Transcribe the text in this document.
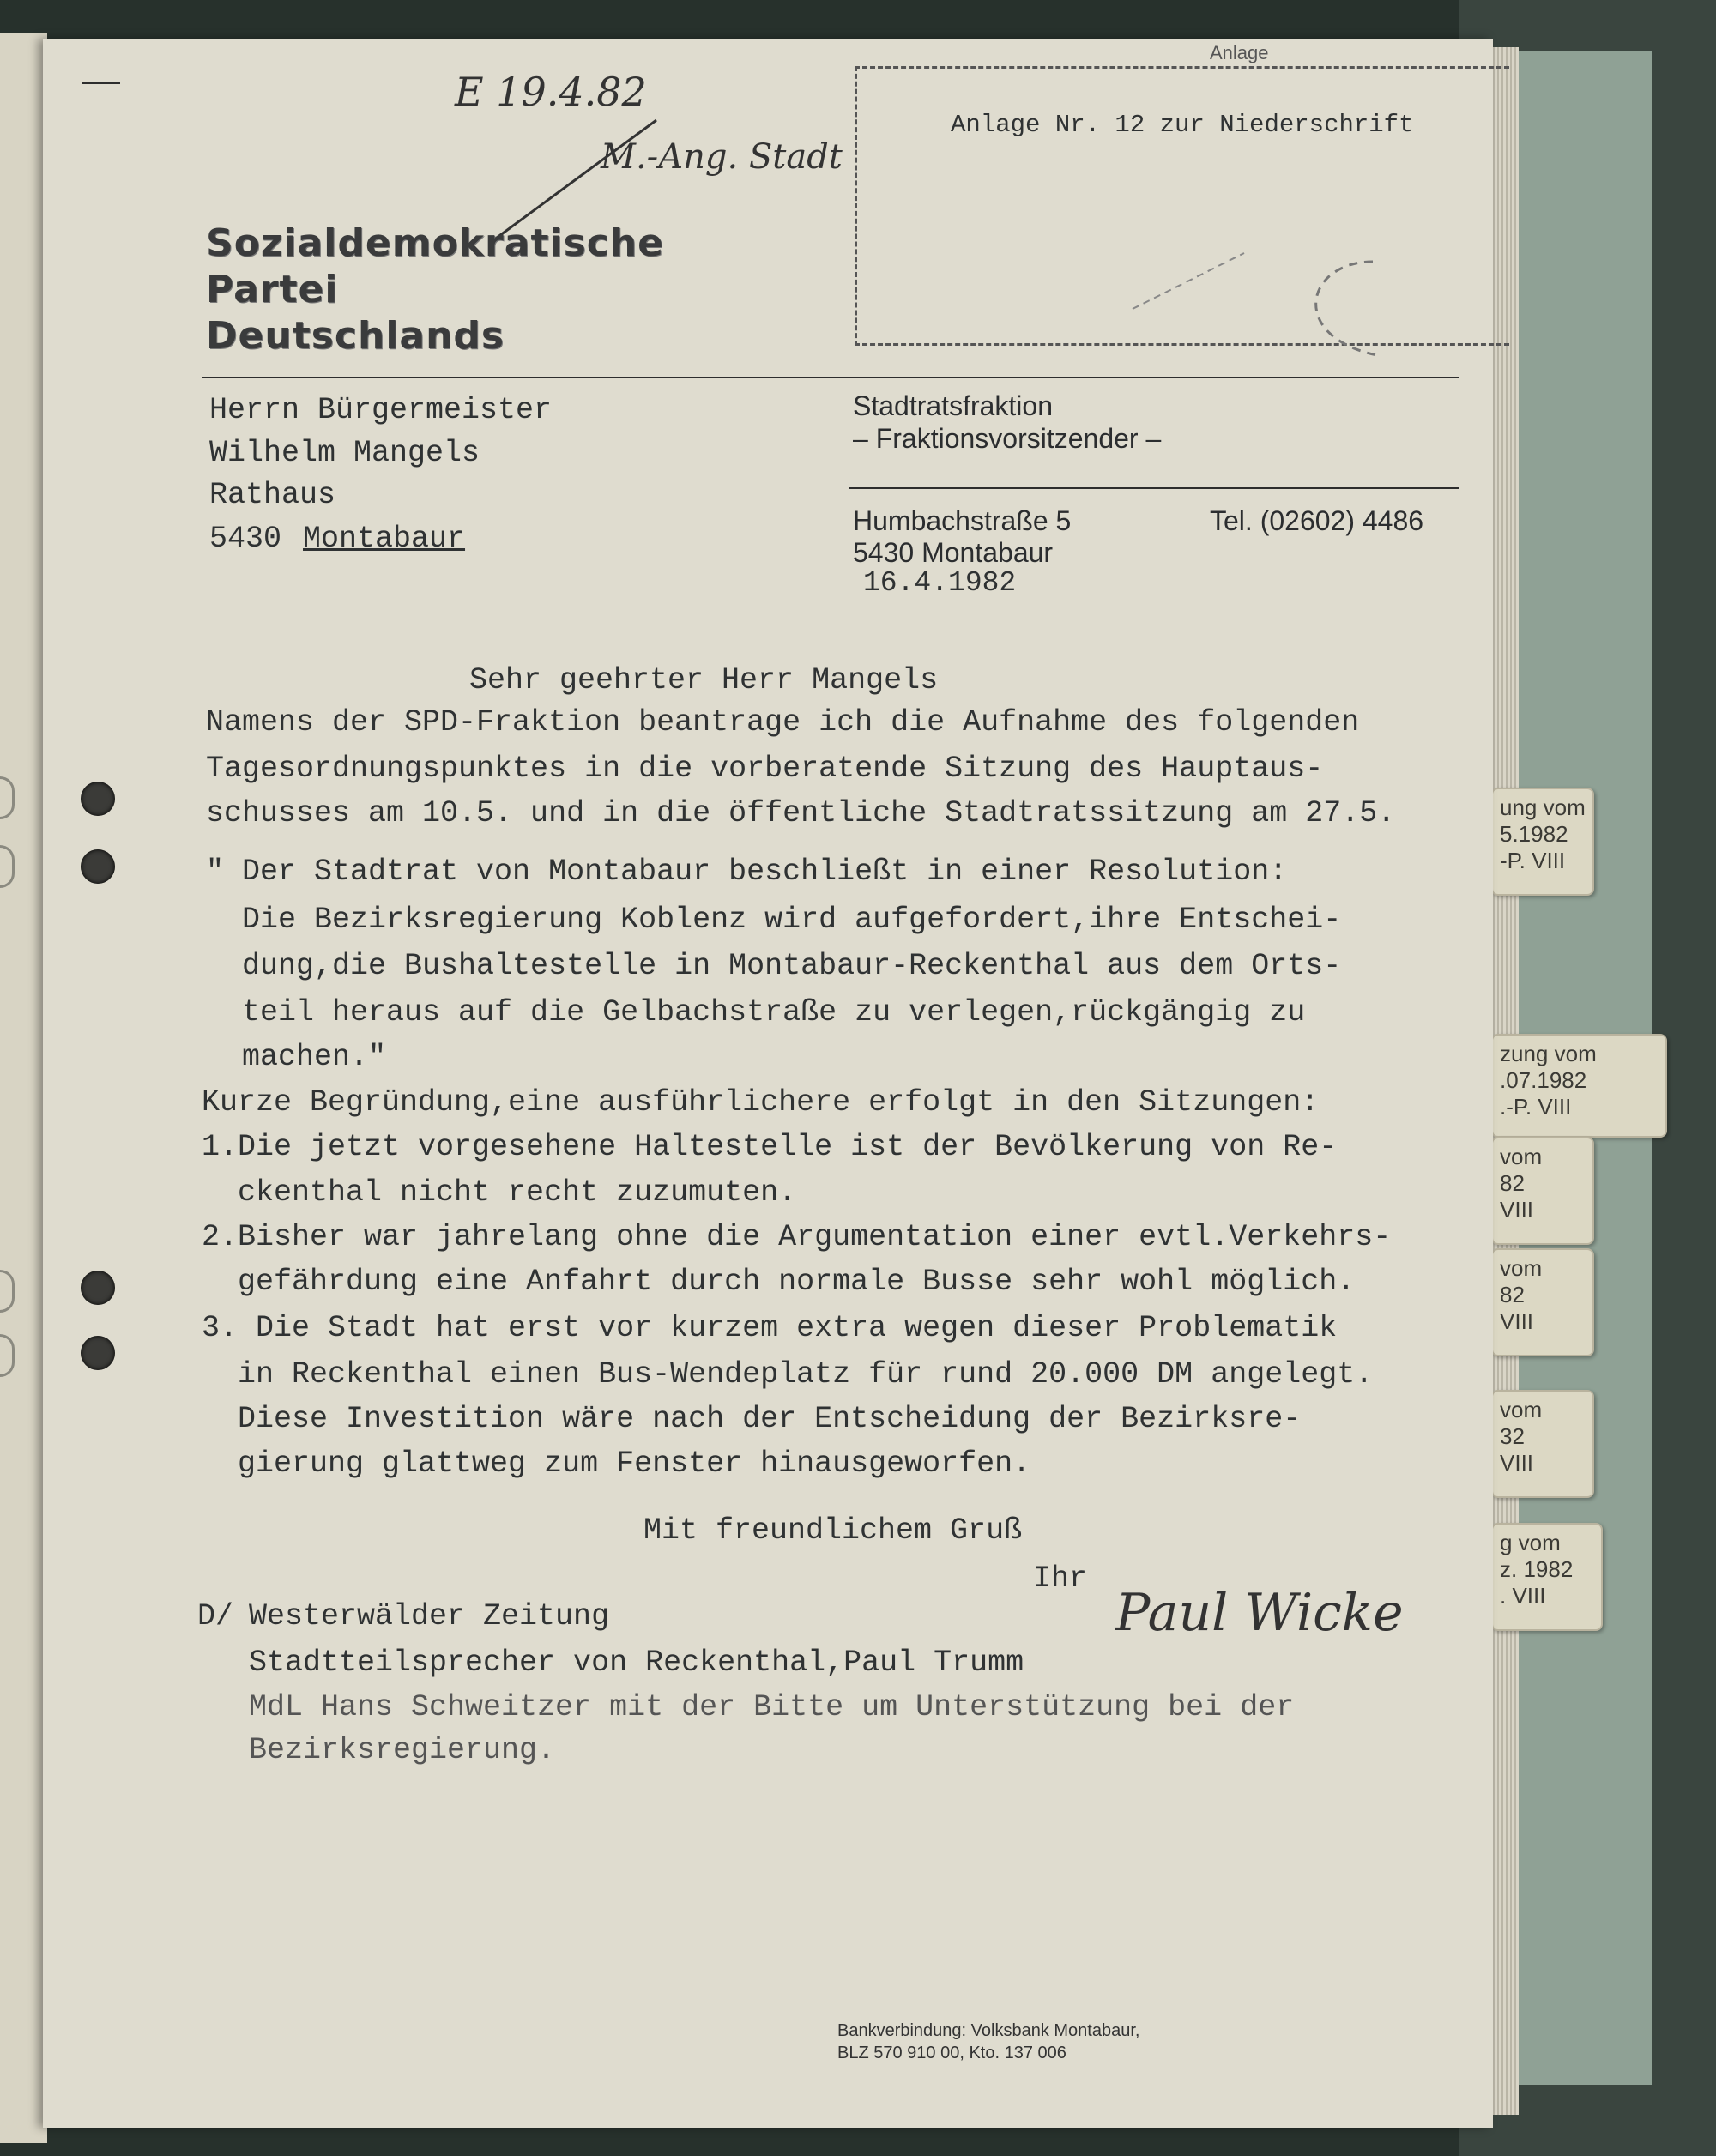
ung vom
5.1982
-P. VIII
zung vom
.07.1982
.-P. VIII
vom
82
VIII
vom
82
VIII
vom
32
VIII
g vom
z. 1982
. VIII
E 19.4.82
M.-Ang. Stadt
Sozialdemokratische
Partei
Deutschlands
Anlage
Anlage Nr. 12 zur Niederschrift
Herrn Bürgermeister
Wilhelm Mangels
Rathaus
5430 Montabaur
Stadtratsfraktion
– Fraktionsvorsitzender –
Humbachstraße 5	Tel. (02602) 4486
5430 Montabaur
16.4.1982
Sehr geehrter Herr Mangels
Namens der SPD-Fraktion beantrage ich die Aufnahme des folgenden
Tagesordnungspunktes in die vorberatende Sitzung des Hauptaus-
schusses am 10.5. und in die öffentliche Stadtratssitzung am 27.5.
" Der Stadtrat von Montabaur beschließt in einer Resolution:
Die Bezirksregierung Koblenz wird aufgefordert,ihre Entschei-
dung,die Bushaltestelle in Montabaur-Reckenthal aus dem Orts-
teil heraus auf die Gelbachstraße zu verlegen,rückgängig zu
machen."
Kurze Begründung,eine ausführlichere erfolgt in den Sitzungen:
1.Die jetzt vorgesehene Haltestelle ist der Bevölkerung von Re-
ckenthal nicht recht zuzumuten.
2.Bisher war jahrelang ohne die Argumentation einer evtl.Verkehrs-
gefährdung eine Anfahrt durch normale Busse sehr wohl möglich.
3. Die Stadt hat erst vor kurzem extra wegen dieser Problematik
in Reckenthal einen Bus-Wendeplatz für rund 20.000 DM angelegt.
Diese Investition wäre nach der Entscheidung der Bezirksre-
gierung glattweg zum Fenster hinausgeworfen.
Mit freundlichem Gruß
Ihr
Paul Wicke
D/ Westerwälder Zeitung
Stadtteilsprecher von Reckenthal,Paul Trumm
MdL Hans Schweitzer mit der Bitte um Unterstützung bei der
Bezirksregierung.
Bankverbindung: Volksbank Montabaur,
BLZ 570 910 00, Kto. 137 006
